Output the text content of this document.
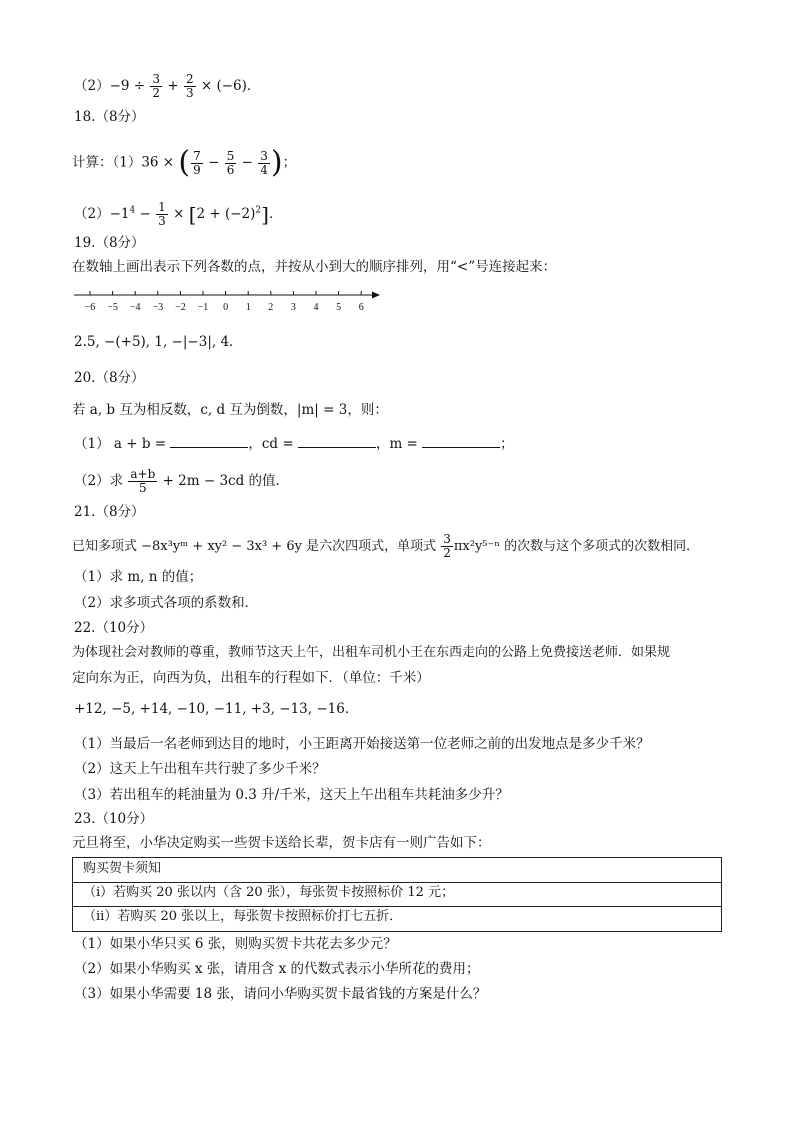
$(2)-9 \div \frac{3}{2} + \frac{2}{3} \times (-6)$．
18.（8分）
计算：（1）36 × ( $\frac{7}{9} - \frac{5}{6} - \frac{3}{4}$ )；
$(2)-1^4 - \frac{1}{3} \times [2 + (-2)^2]$．
19.（8分）
在数轴上画出表示下列各数的点，并按从小到大的顺序排列，用“<”号连接起来：
−6 −5 −4 −3 −2 −1 0 1 2 3 4 5 6
2.5, −(+5), 1, −|−3|, 4．
20.（8分）
若 a, b 互为相反数，c, d 互为倒数，|m| = 3，则：
（1） a + b =	，cd =	，m =	；
（2）求 $\frac{a+b}{5} + 2m - 3cd$ 的值．
21.（8分）
已知多项式 −8x³yᵐ + xy² − 3x³ + 6y 是六次四项式，单项式 $\frac{3}{2} \pi x^2y^{5-n}$ 的次数与这个多项式的次数相同．
（1）求 m, n 的值；
（2）求多项式各项的系数和．
22.（10分）
为体现社会对教师的尊重，教师节这天上午，出租车司机小王在东西走向的公路上免费接送老师．如果规
定向东为正，向西为负，出租车的行程如下．（单位：千米）
+12, −5, +14, −10, −11, +3, −13, −16．
（1）当最后一名老师到达目的地时，小王距离开始接送第一位老师之前的出发地点是多少千米？
（2）这天上午出租车共行驶了多少千米？
（3）若出租车的耗油量为 0.3 升/千米，这天上午出租车共耗油多少升？
23.（10分）
元旦将至，小华决定购买一些贺卡送给长辈，贺卡店有一则广告如下：
购买贺卡须知
（i）若购买 20 张以内（含 20 张），每张贺卡按照标价 12 元；
（ii）若购买 20 张以上，每张贺卡按照标价打七五折．
（1）如果小华只买 6 张，则购买贺卡共花去多少元？
（2）如果小华购买 x 张，请用含 x 的代数式表示小华所花的费用；
（3）如果小华需要 18 张，请问小华购买贺卡最省钱的方案是什么？
